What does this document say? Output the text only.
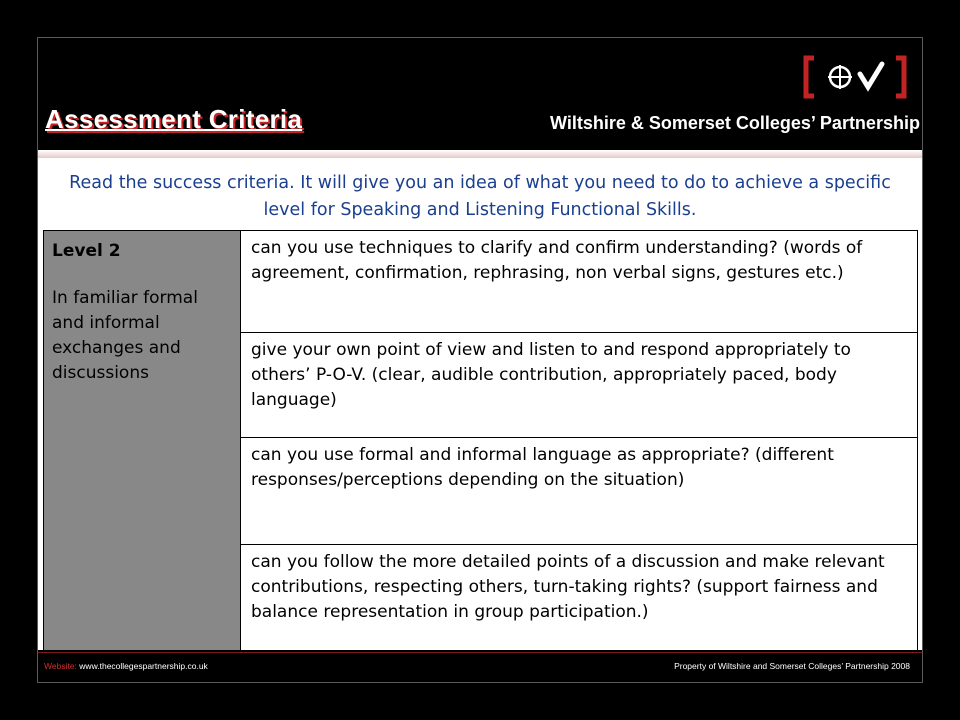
Assessment Criteria	Wiltshire & Somerset Colleges’ Partnership

Read the success criteria. It will give you an idea of what you need to do to achieve a specific level for Speaking and Listening Functional Skills.

Level 2
In familiar formal and informal exchanges and discussions
	can you use techniques to clarify and confirm understanding? (words of agreement, confirmation, rephrasing, non verbal signs, gestures etc.)
give your own point of view and listen to and respond appropriately to others’ P-O-V. (clear, audible contribution, appropriately paced, body language)
can you use formal and informal language as appropriate? (different responses/perceptions depending on the situation)
can you follow the more detailed points of a discussion and make relevant contributions, respecting others, turn-taking rights? (support fairness and balance representation in group participation.)
Website: www.thecollegespartnership.co.uk	Property of Wiltshire and Somerset Colleges’ Partnership 2008
